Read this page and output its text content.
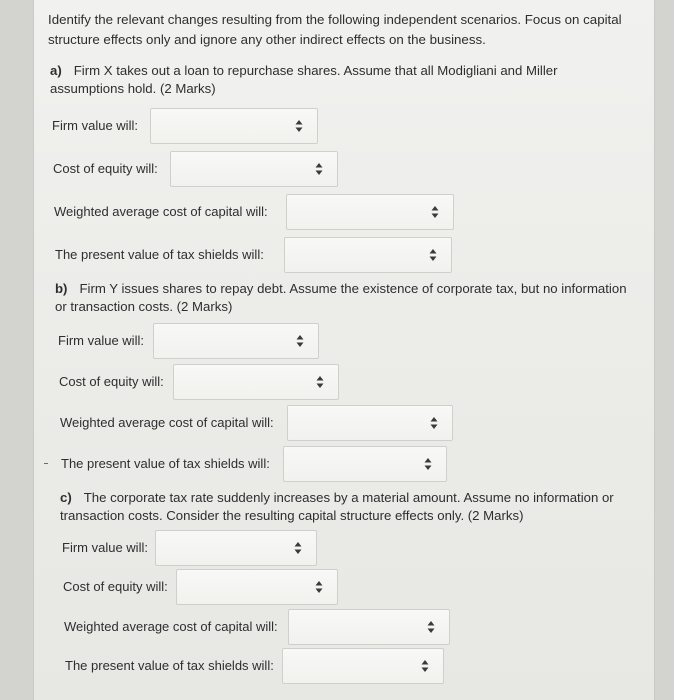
Identify the relevant changes resulting from the following independent scenarios. Focus on capital structure effects only and ignore any other indirect effects on the business.
a) Firm X takes out a loan to repurchase shares. Assume that all Modigliani and Miller assumptions hold. (2 Marks)
Firm value will:
Cost of equity will:
Weighted average cost of capital will:
The present value of tax shields will:
b) Firm Y issues shares to repay debt. Assume the existence of corporate tax, but no information or transaction costs. (2 Marks)
Firm value will:
Cost of equity will:
Weighted average cost of capital will:
The present value of tax shields will:
c) The corporate tax rate suddenly increases by a material amount. Assume no information or transaction costs. Consider the resulting capital structure effects only. (2 Marks)
Firm value will:
Cost of equity will:
Weighted average cost of capital will:
The present value of tax shields will:
